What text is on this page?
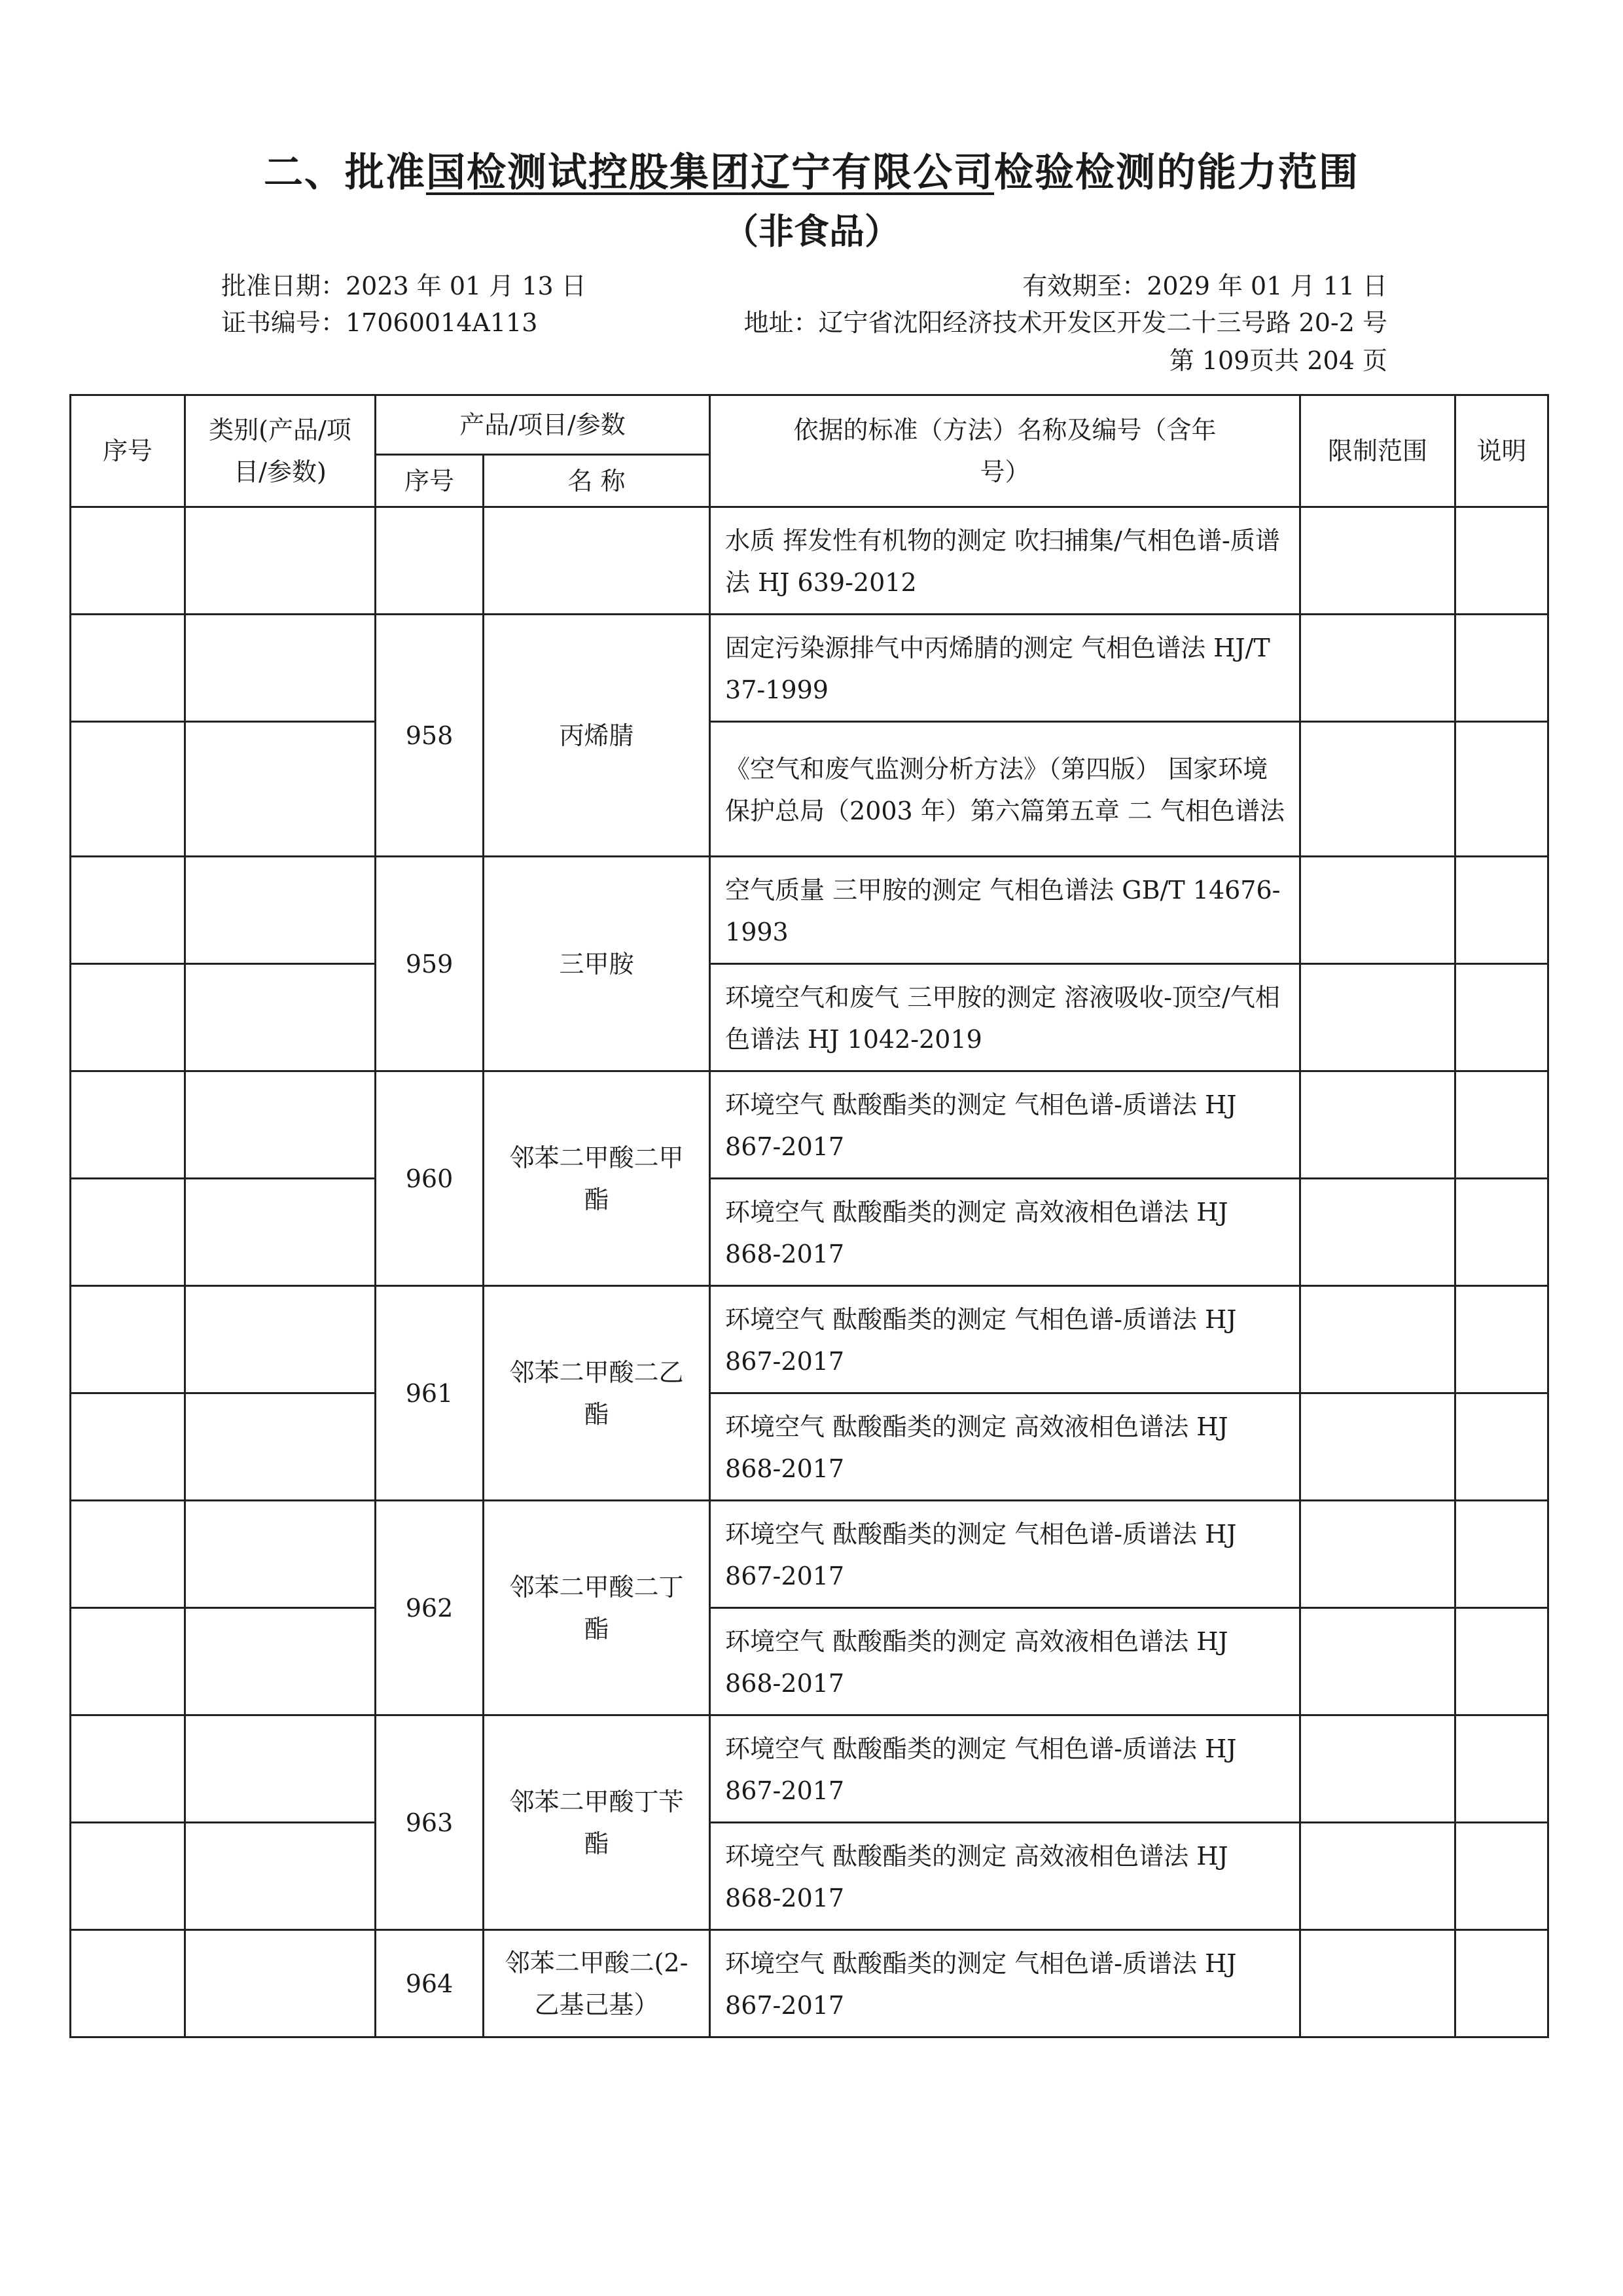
二、批准国检测试控股集团辽宁有限公司检验检测的能力范围
（非食品）
批准日期：2023 年 01 月 13 日	有效期至：2029 年 01 月 11 日
证书编号：17060014A113	地址：辽宁省沈阳经济技术开发区开发二十三号路 20-2 号
第 109页共 204 页
序号	类别(产品/项目/参数)	产品/项目/参数		依据的标准（方法）名称及编号（含年号）	限制范围	说明
		序号	名 称			
				水质 挥发性有机物的测定 吹扫捕集/气相色谱-质谱法 HJ 639-2012		
		958	丙烯腈	固定污染源排气中丙烯腈的测定 气相色谱法 HJ/T 37-1999		
				《空气和废气监测分析方法》（第四版） 国家环境保护总局（2003 年）第六篇第五章 二 气相色谱法		
		959	三甲胺	空气质量 三甲胺的测定 气相色谱法 GB/T 14676-1993		
				环境空气和废气 三甲胺的测定 溶液吸收-顶空/气相色谱法 HJ 1042-2019		
		960	邻苯二甲酸二甲酯	环境空气 酞酸酯类的测定 气相色谱-质谱法 HJ 867-2017		
				环境空气 酞酸酯类的测定 高效液相色谱法 HJ 868-2017		
		961	邻苯二甲酸二乙酯	环境空气 酞酸酯类的测定 气相色谱-质谱法 HJ 867-2017		
				环境空气 酞酸酯类的测定 高效液相色谱法 HJ 868-2017		
		962	邻苯二甲酸二丁酯	环境空气 酞酸酯类的测定 气相色谱-质谱法 HJ 867-2017		
				环境空气 酞酸酯类的测定 高效液相色谱法 HJ 868-2017		
		963	邻苯二甲酸丁苄酯	环境空气 酞酸酯类的测定 气相色谱-质谱法 HJ 867-2017		
				环境空气 酞酸酯类的测定 高效液相色谱法 HJ 868-2017		
		964	邻苯二甲酸二(2-乙基己基）	环境空气 酞酸酯类的测定 气相色谱-质谱法 HJ 867-2017		
